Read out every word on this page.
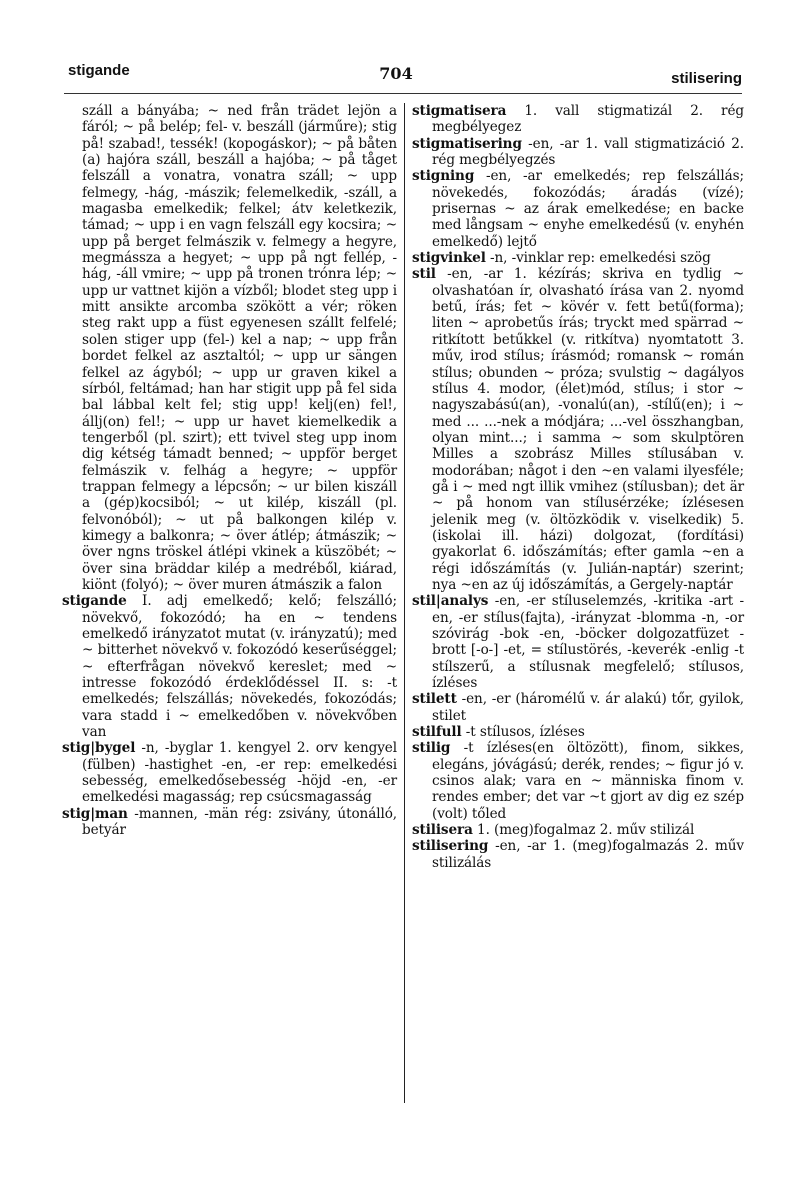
stigande	704	stilisering

száll a bányába; ~ ned från trädet lejön a fáról; ~ på belép; fel- v. beszáll (járműre); stig på! szabad!, tessék! (kopogáskor); ~ på båten (a) hajóra száll, beszáll a hajóba; ~ på tåget felszáll a vonatra, vonatra száll; ~ upp felmegy, -hág, -mászik; felemelkedik, -száll, a magasba emelkedik; felkel; átv keletkezik, támad; ~ upp i en vagn felszáll egy kocsira; ~ upp på berget felmászik v. felmegy a hegyre, megmássza a hegyet; ~ upp på ngt fellép, -hág, -áll vmire; ~ upp på tronen trónra lép; ~ upp ur vattnet kijön a vízből; blodet steg upp i mitt ansikte arcomba szökött a vér; röken steg rakt upp a füst egyenesen szállt felfelé; solen stiger upp (fel-) kel a nap; ~ upp från bordet felkel az asztaltól; ~ upp ur sängen felkel az ágyból; ~ upp ur graven kikel a sírból, feltámad; han har stigit upp på fel sida bal lábbal kelt fel; stig upp! kelj(en) fel!, állj(on) fel!; ~ upp ur havet kiemelkedik a tengerből (pl. szirt); ett tvivel steg upp inom dig kétség támadt benned; ~ uppför berget felmászik v. felhág a hegyre; ~ uppför trappan felmegy a lépcsőn; ~ ur bilen kiszáll a (gép)kocsiból; ~ ut kilép, kiszáll (pl. felvonóból); ~ ut på balkongen kilép v. kimegy a balkonra; ~ över átlép; átmászik; ~ över ngns tröskel átlépi vkinek a küszöbét; ~ över sina bräddar kilép a medréből, kiárad, kiönt (folyó); ~ över muren átmászik a falon

stigande I. adj emelkedő; kelő; felszálló; növekvő, fokozódó; ha en ~ tendens emelkedő irányzatot mutat (v. irányzatú); med ~ bitterhet növekvő v. fokozódó keserűséggel; ~ efterfrågan növekvő kereslet; med ~ intresse fokozódó érdeklődéssel II. s: -t emelkedés; felszállás; növekedés, fokozódás; vara stadd i ~ emelkedőben v. növekvőben van

stig|bygel -n, -byglar 1. kengyel 2. orv kengyel (fülben) -hastighet -en, -er rep: emelkedési sebesség, emelkedősebesség -höjd -en, -er emelkedési magasság; rep csúcsmagasság

stig|man -mannen, -män rég: zsivány, útonálló, betyár

stigmatisera 1. vall stigmatizál 2. rég megbélyegez

stigmatisering -en, -ar 1. vall stigmatizáció 2. rég megbélyegzés

stigning -en, -ar emelkedés; rep felszállás; növekedés, fokozódás; áradás (vízé); prisernas ~ az árak emelkedése; en backe med långsam ~ enyhe emelkedésű (v. enyhén emelkedő) lejtő

stigvinkel -n, -vinklar rep: emelkedési szög

stil -en, -ar 1. kézírás; skriva en tydlig ~ olvashatóan ír, olvasható írása van 2. nyomd betű, írás; fet ~ kövér v. fett betű(forma); liten ~ aprobetűs írás; tryckt med spärrad ~ ritkított betűkkel (v. ritkítva) nyomtatott 3. műv, irod stílus; írásmód; romansk ~ román stílus; obunden ~ próza; svulstig ~ dagályos stílus 4. modor, (élet)mód, stílus; i stor ~ nagyszabású(an), -vonalú(an), -stílű(en); i ~ med ... ...-nek a módjára; ...-vel összhangban, olyan mint...; i samma ~ som skulptören Milles a szobrász Milles stílusában v. modorában; något i den ~en valami ilyesféle; gå i ~ med ngt illik vmihez (stílusban); det är ~ på honom van stílusérzéke; ízlésesen jelenik meg (v. öltözködik v. viselkedik) 5. (iskolai ill. házi) dolgozat, (fordítási) gyakorlat 6. időszámítás; efter gamla ~en a régi időszámítás (v. Julián-naptár) szerint; nya ~en az új időszámítás, a Gergely-naptár

stil|analys -en, -er stíluselemzés, -kritika -art -en, -er stílus(fajta), -irányzat -blomma -n, -or szóvirág -bok -en, -böcker dolgozatfüzet -brott [-o-] -et, = stílustörés, -keverék -enlig -t stílszerű, a stílusnak megfelelő; stílusos, ízléses

stilett -en, -er (háromélű v. ár alakú) tőr, gyilok, stilet

stilfull -t stílusos, ízléses

stilig -t ízléses(en öltözött), finom, sikkes, elegáns, jóvágású; derék, rendes; ~ figur jó v. csinos alak; vara en ~ människa finom v. rendes ember; det var ~t gjort av dig ez szép (volt) tőled

stilisera 1. (meg)fogalmaz 2. műv stilizál

stilisering -en, -ar 1. (meg)fogalmazás 2. műv stilizálás
